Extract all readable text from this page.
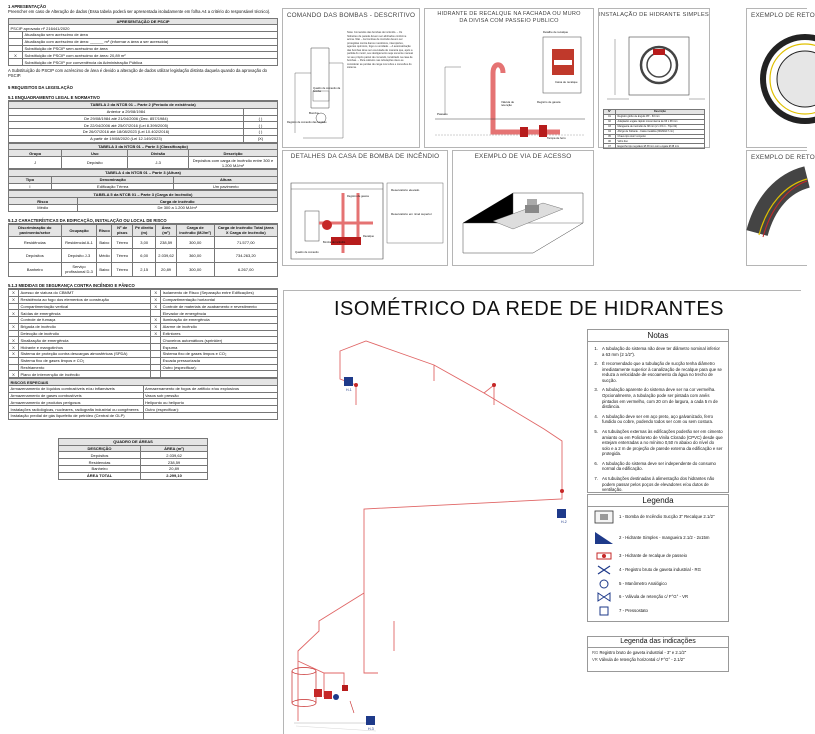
1 APRESENTAÇÃO
Preencher em caso de Alteração de dados (Essa tabela poderá ser apresentada isoladamente em folha A4 a critério do responsável técnico).
APRESENTAÇÃO DE PSCIP	
PSCIP aprovado nº 216441/2020	
	Atualização sem acréscimo de área
	Atualização com acréscimo de área: ______ m² (informar a área a ser acrescida)
	Substituição de PSCIP sem acréscimo de área
X	Substituição de PSCIP com acréscimo de área: 20,89 m²
	Substituição de PSCIP por conveniência da Administração Pública
A Substituição do PSCIP com acréscimo de área é devido a alteração de dados utilizar legislação distinta daquela quando da aprovação do PSCIP.
5 REQUISITOS DA LEGISLAÇÃO
5.1 ENQUADRAMENTO LEGAL E NORMATIVO
TABELA 2 da NTCB 01 – Parte 2 (Período de existência)	
Anterior a 29/08/1984	
De 29/08/1984 até 21/04/2006 (Dec. 857/1984)	( )
De 22/04/2006 até 25/07/2016 (Lei 8.399/2005)	( )
De 26/07/2016 até 18/08/2023 (Lei 10.402/2016)	( )
A partir de 19/08/2020 (Lei 12.149/2023)	(X)
TABELA 3 da NTCB 01 – Parte 3 (Classificação)			
Grupo	Uso	Divisão	Descrição
J	Depósito	J-3	Depósitos com carga de incêndio entre 300 e 1.200 MJ/m²
TABELA 4 da NTCB 01 – Parte 3 (Altura)		
Tipo	Denominação	Altura
I	Edificação Térrea	Um pavimento
TABELA 5 da NTCB 01 – Parte 3 (Carga de Incêndio)	
Risco	Carga de incêndio
Médio	De 300 a 1.200 MJ/m²
5.1.2 CARACTERÍSTICAS DA EDIFICAÇÃO, INSTALAÇÃO OU LOCAL DE RISCO
Discriminação do pavimento/setor	Ocupação	Risco	Nº de pisos	Pé direito (m)	Área (m²)	Carga de incêndio (MJ/m²)	Carga de Incêndio Total (área X Carga de Incêndio)
Residências	Residencial A-1	Baixo	Térreo	3,00	238,59	300,00	71.577,00
Depósitos	Depósito J-3	Médio	Térreo	6,00	2.039,62	360,00	734.263,20
Banheiro	Serviço profissional D-3	Baixo	Térreo	2,15	20,89	300,00	6.267,00
5.1.3 MEDIDAS DE SEGURANÇA CONTRA INCÊNDIO E PÂNICO
X	Acesso de viatura do CBMMT	X	Isolamento de Risco (Separação entre Edificações)
X	Resistência ao fogo dos elementos de construção	X	Compartimentação horizontal
	Compartimentação vertical	X	Controle de materiais de acabamento e revestimento
X	Saídas de emergência		Elevador de emergência
	Controle de fumaça	X	Iluminação de emergência
X	Brigada de incêndio	X	Alarme de incêndio
	Detecção de incêndio	X	Extintores
X	Sinalização de emergência		Chuveiros automáticos (sprinkler)
X	Hidrante e mangotinhos		Espuma
X	Sistema de proteção contra descargas atmosféricas (SPDA)		Sistema fixo de gases limpos e CO₂
	Sistema fixo de gases limpos e CO₂		Escada pressurizada
	Resfriamento		Outro (especificar):
X	Plano de intervenção de incêndio		
RISCOS ESPECIAIS	
Armazenamento de líquidos combustíveis e/ou inflamáveis	Armazenamento de fogos de artifício e/ou explosivos
Armazenamento de gases combustíveis	Vasos sob pressão
Armazenamento de produtos perigosos	Heliponto ou heliporto
Instalações radiológicas, nucleares, radiografia industrial ou congêneres	Outro (especificar):
Instalação predial de gás liquefeito de petróleo (Central de GLP)	
QUADRO DE ÁREAS	
DESCRIÇÃO	ÁREA (m²)
Depósitos	2.039,62
Residencias	238,59
Banheiro	20,89
ÁREA TOTAL	2.299,10
COMANDO DAS BOMBAS - DESCRITIVO
Nota: Comandos das bombas de incêndio. – Os hidrantes de parede devem ser alinhados conforme acima. Não – As bombas de incêndio devem ser protegidas contra danos mecânicos, intempéries, agentes químicos, fogo ou umidade. – A automatização das bombas deve ser executada de maneira que, após a partida do motor, seu desligamento seja somente manual no seu próprio painel de comando, localizado na casa de bombas. – Para cálculos nas tubulações deve-se considerar as perdas de carga nos tubos e conexões do sistema.
Bomba
Quadro de comando da bomba
Registro de comando das bombas
HIDRANTE DE RECALQUE NA FACHADA OU MURO DA DIVISA COM PASSEIO PUBLICO
Detalhe de recalque
Passeio
Válvula de retenção
Registro de gaveta
Tampa de ferro
Caixa de recalque
INSTALAÇÃO DE HIDRANTE SIMPLES
Nº	Descrição
01	Registro globo de ângulo 45º - 63 mm
02	Adaptador engate rápido rosca interna de 63 x 38 mm
03	Mangueira de incêndio de 38 mm (2 x 15 m - Tipo 02)
04	Abrigo de hidrante - Caixa metálica (90x60x17 cm)
05	Chave tipo storz conjunto
06	Vidro liso
07	Esguicho tipo regulável Ø 38 mm com engate Ø 38 mm
EXEMPLO DE RETO
DETALHES DA CASA DE BOMBA DE INCÊNDIO
Reservatório elevado
Registro de gaveta
Bomba de incêndio
Reservatório em nível superior
Recalque
Quadro de comando
EXEMPLO DE VIA DE ACESSO	EXEMPLO DE RETO
ISOMÉTRICO DA REDE DE HIDRANTES
H-1
H-2
H-3
Notas
1. A tubulação do sistema não deve ter diâmetro nominal inferior a 63 mm (2 1/2").
2. É recomendado que a tubulação de sucção tenha diâmetro imediatamente superior à canalização de recalque para que se reduza a velocidade de escoamento da água no trecho de sucção.
3. A tubulação aparente do sistema deve ser na cor vermelha. Opcionalmente, a tubulação pode ser pintada com anéis pintados em vermelho, com 20 cm de largura, a cada 5 m de distância.
4. A tubulação deve ser em aço preto, aço galvanizado, ferro fundido ou cobre, podendo todos ser com ou sem costura.
5. As tubulações externas às edificações poderão ser em cimento amianto ou em Policloreto de Vinila Clorado (CPVC) desde que estejam enterradas a no mínimo 0,50 m abaixo do nível do solo e a 2 m de projeção de parede externa da edificação e ser protegida.
6. A tubulação do sistema deve ser independente do consumo normal da edificação.
7. As tubulações destinadas à alimentação dos hidrantes não podem passar pelos poços de elevadores e/ou dutos de ventilação.
Legenda
1 - Bomba de Incêndio Sucção 3" Recalque 2.1/2"
2 - Hidrante Simples - mangueira 2.1/2 - 2x15m
3 - Hidrante de recalque de passeio
4 - Registro bruto de gaveta industrial - RG
5 - Manômetro Analógico
6 - Válvula de retenção c/ F°G° - VR
7 - Pressostato
Legenda das indicações
RG Registro bruto de gaveta industrial - 3" e 2.1/2"
VR Válvula de retenção horizontal c/ F°G° - 2.1/2"
